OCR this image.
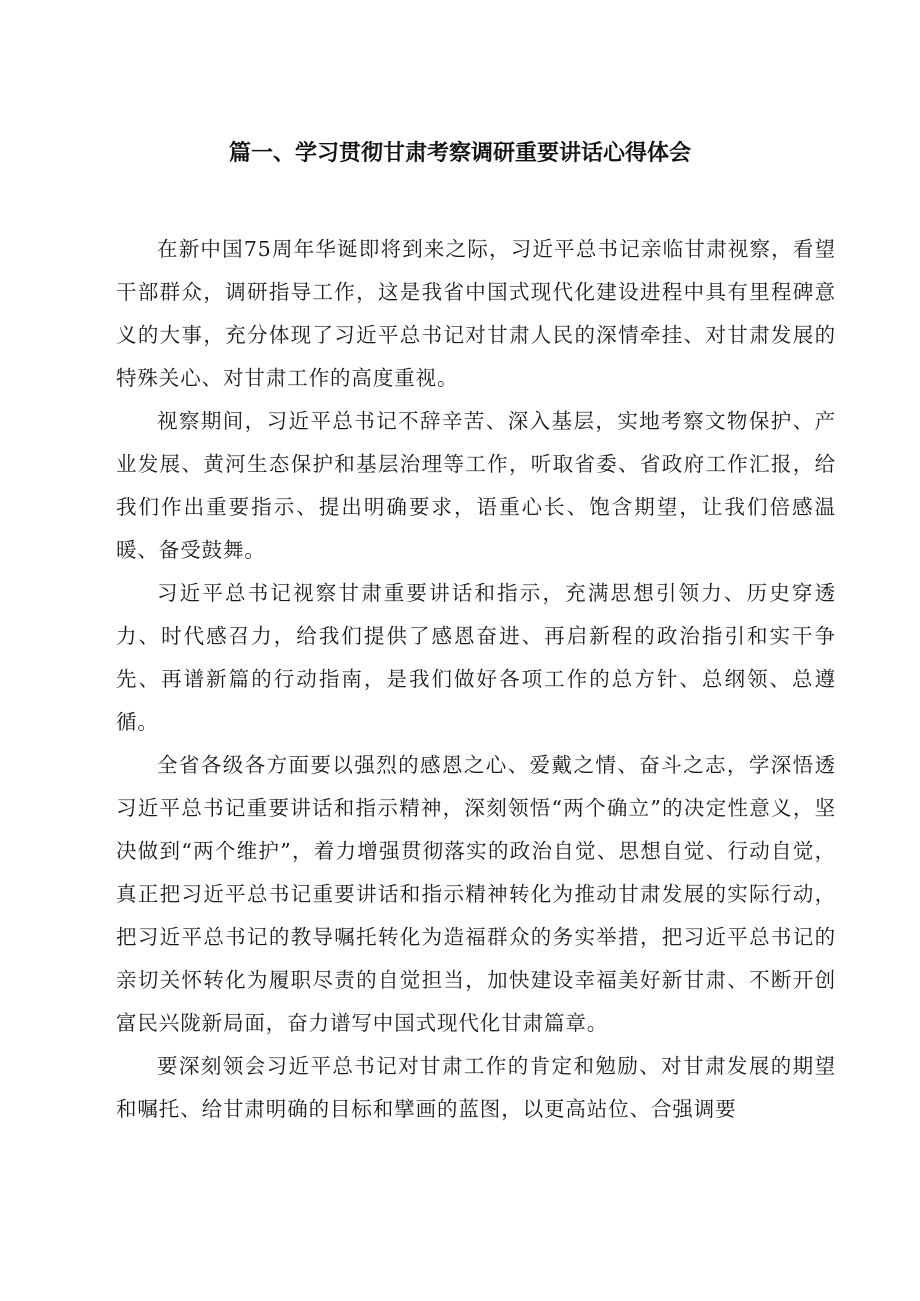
篇一、学习贯彻甘肃考察调研重要讲话心得体会

在新中国75周年华诞即将到来之际，习近平总书记亲临甘肃视察，看望干部群众，调研指导工作，这是我省中国式现代化建设进程中具有里程碑意义的大事，充分体现了习近平总书记对甘肃人民的深情牵挂、对甘肃发展的特殊关心、对甘肃工作的高度重视。

视察期间，习近平总书记不辞辛苦、深入基层，实地考察文物保护、产业发展、黄河生态保护和基层治理等工作，听取省委、省政府工作汇报，给我们作出重要指示、提出明确要求，语重心长、饱含期望，让我们倍感温暖、备受鼓舞。

习近平总书记视察甘肃重要讲话和指示，充满思想引领力、历史穿透力、时代感召力，给我们提供了感恩奋进、再启新程的政治指引和实干争先、再谱新篇的行动指南，是我们做好各项工作的总方针、总纲领、总遵循。

全省各级各方面要以强烈的感恩之心、爱戴之情、奋斗之志，学深悟透习近平总书记重要讲话和指示精神，深刻领悟“两个确立”的决定性意义，坚决做到“两个维护”，着力增强贯彻落实的政治自觉、思想自觉、行动自觉，真正把习近平总书记重要讲话和指示精神转化为推动甘肃发展的实际行动，把习近平总书记的教导嘱托转化为造福群众的务实举措，把习近平总书记的亲切关怀转化为履职尽责的自觉担当，加快建设幸福美好新甘肃、不断开创富民兴陇新局面，奋力谱写中国式现代化甘肃篇章。

要深刻领会习近平总书记对甘肃工作的肯定和勉励、对甘肃发展的期望和嘱托、给甘肃明确的目标和擘画的蓝图，以更高站位、合强调要
